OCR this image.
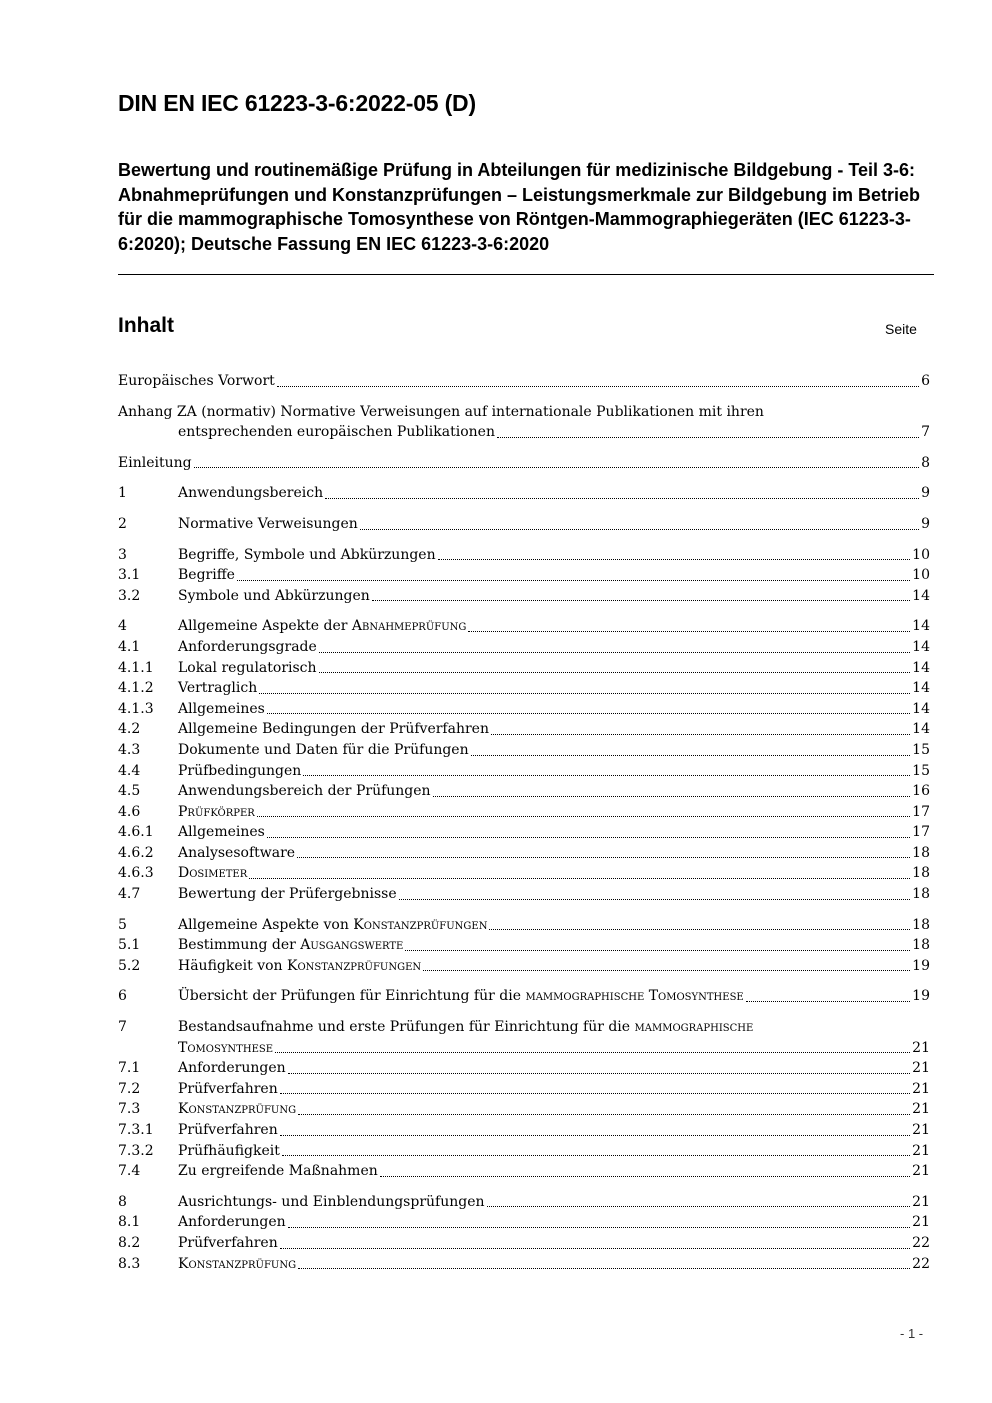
DIN EN IEC 61223-3-6:2022-05 (D)

Bewertung und routinemäßige Prüfung in Abteilungen für medizinische Bildgebung - Teil 3-6: Abnahmeprüfungen und Konstanzprüfungen – Leistungsmerkmale zur Bildgebung im Betrieb für die mammographische Tomosynthese von Röntgen-Mammographiegeräten (IEC 61223-3-6:2020); Deutsche Fassung EN IEC 61223-3-6:2020

Inhalt	Seite
Europäisches Vorwort	6
Anhang ZA (normativ) Normative Verweisungen auf internationale Publikationen mit ihren
entsprechenden europäischen Publikationen	7
Einleitung	8
1	Anwendungsbereich	9
2	Normative Verweisungen	9
3	Begriffe, Symbole und Abkürzungen	10
3.1	Begriffe	10
3.2	Symbole und Abkürzungen	14
4	Allgemeine Aspekte der Abnahmeprüfung	14
4.1	Anforderungsgrade	14
4.1.1	Lokal regulatorisch	14
4.1.2	Vertraglich	14
4.1.3	Allgemeines	14
4.2	Allgemeine Bedingungen der Prüfverfahren	14
4.3	Dokumente und Daten für die Prüfungen	15
4.4	Prüfbedingungen	15
4.5	Anwendungsbereich der Prüfungen	16
4.6	Prüfkörper	17
4.6.1	Allgemeines	17
4.6.2	Analysesoftware	18
4.6.3	Dosimeter	18
4.7	Bewertung der Prüfergebnisse	18
5	Allgemeine Aspekte von Konstanzprüfungen	18
5.1	Bestimmung der Ausgangswerte	18
5.2	Häufigkeit von Konstanzprüfungen	19
6	Übersicht der Prüfungen für Einrichtung für die mammographische Tomosynthese	19
7	Bestandsaufnahme und erste Prüfungen für Einrichtung für die mammographische
Tomosynthese	21
7.1	Anforderungen	21
7.2	Prüfverfahren	21
7.3	Konstanzprüfung	21
7.3.1	Prüfverfahren	21
7.3.2	Prüfhäufigkeit	21
7.4	Zu ergreifende Maßnahmen	21
8	Ausrichtungs- und Einblendungsprüfungen	21
8.1	Anforderungen	21
8.2	Prüfverfahren	22
8.3	Konstanzprüfung	22
- 1 -
